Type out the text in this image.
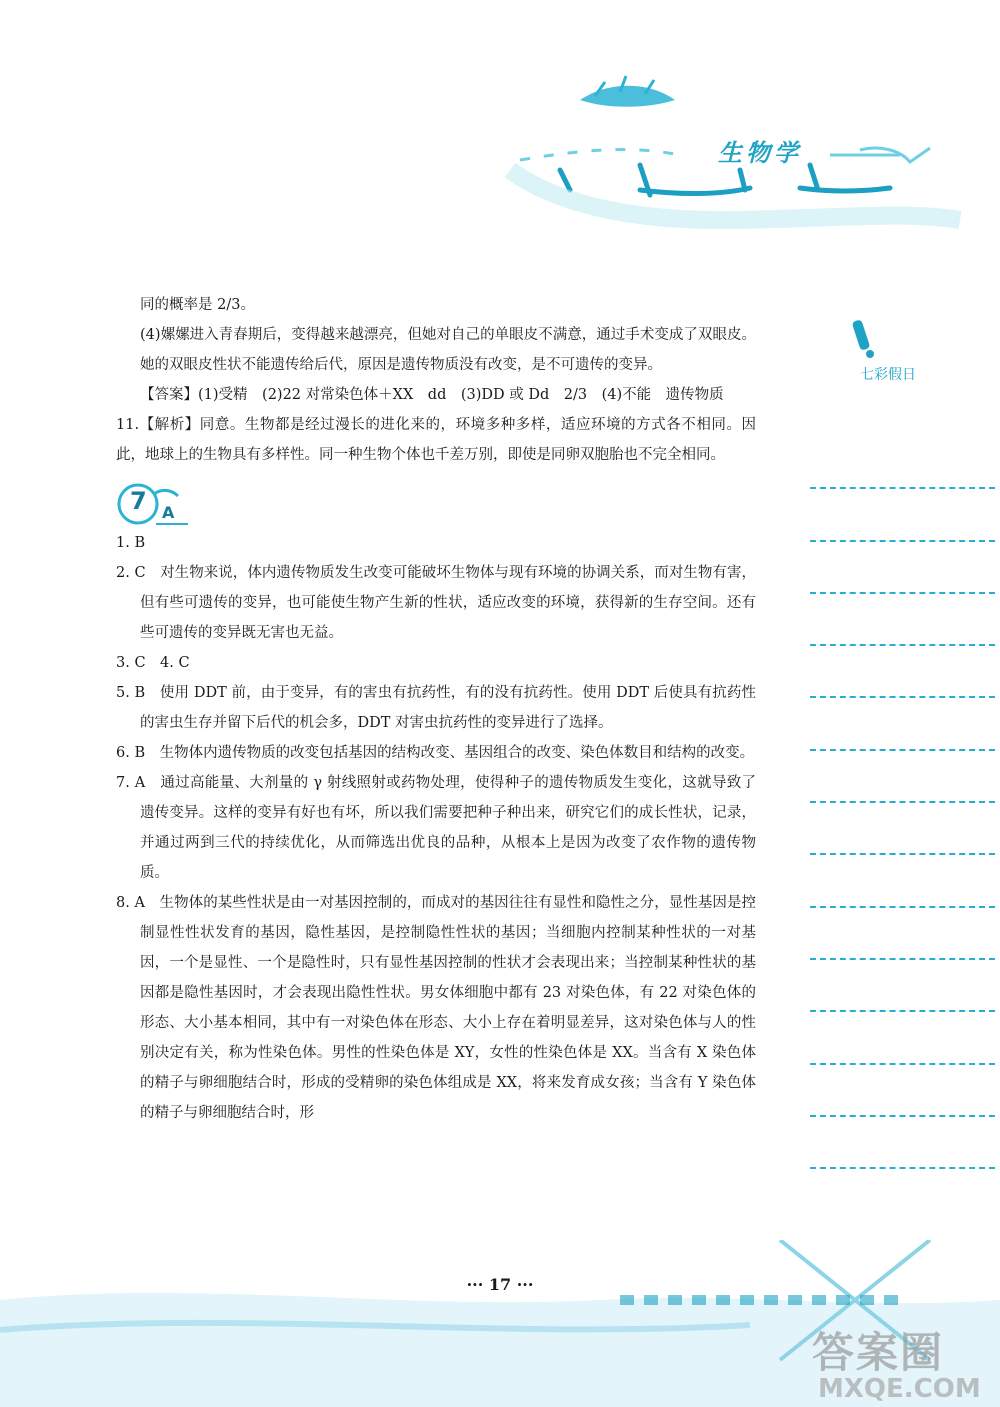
生物学
七彩假日

同的概率是 2/3。

(4)嫘嫘进入青春期后，变得越来越漂亮，但她对自己的单眼皮不满意，通过手术变成了双眼皮。她的双眼皮性状不能遗传给后代，原因是遗传物质没有改变，是不可遗传的变异。

【答案】(1)受精　(2)22 对常染色体＋XX　dd　(3)DD 或 Dd　2/3　(4)不能　遗传物质

11.【解析】同意。生物都是经过漫长的进化来的，环境多种多样，适应环境的方式各不相同。因此，地球上的生物具有多样性。同一种生物个体也千差万别，即使是同卵双胞胎也不完全相同。

7 A

1. B

2. C　对生物来说，体内遗传物质发生改变可能破坏生物体与现有环境的协调关系，而对生物有害，但有些可遗传的变异，也可能使生物产生新的性状，适应改变的环境，获得新的生存空间。还有些可遗传的变异既无害也无益。

3. C　4. C

5. B　使用 DDT 前，由于变异，有的害虫有抗药性，有的没有抗药性。使用 DDT 后使具有抗药性的害虫生存并留下后代的机会多，DDT 对害虫抗药性的变异进行了选择。

6. B　生物体内遗传物质的改变包括基因的结构改变、基因组合的改变、染色体数目和结构的改变。

7. A　通过高能量、大剂量的 γ 射线照射或药物处理，使得种子的遗传物质发生变化，这就导致了遗传变异。这样的变异有好也有坏，所以我们需要把种子种出来，研究它们的成长性状，记录，并通过两到三代的持续优化，从而筛选出优良的品种，从根本上是因为改变了农作物的遗传物质。

8. A　生物体的某些性状是由一对基因控制的，而成对的基因往往有显性和隐性之分，显性基因是控制显性性状发育的基因，隐性基因，是控制隐性性状的基因；当细胞内控制某种性状的一对基因，一个是显性、一个是隐性时，只有显性基因控制的性状才会表现出来；当控制某种性状的基因都是隐性基因时，才会表现出隐性性状。男女体细胞中都有 23 对染色体，有 22 对染色体的形态、大小基本相同，其中有一对染色体在形态、大小上存在着明显差异，这对染色体与人的性别决定有关，称为性染色体。男性的性染色体是 XY，女性的性染色体是 XX。当含有 X 染色体的精子与卵细胞结合时，形成的受精卵的染色体组成是 XX，将来发育成女孩；当含有 Y 染色体的精子与卵细胞结合时，形

··· 17 ···
答案圈
MXQE.COM
